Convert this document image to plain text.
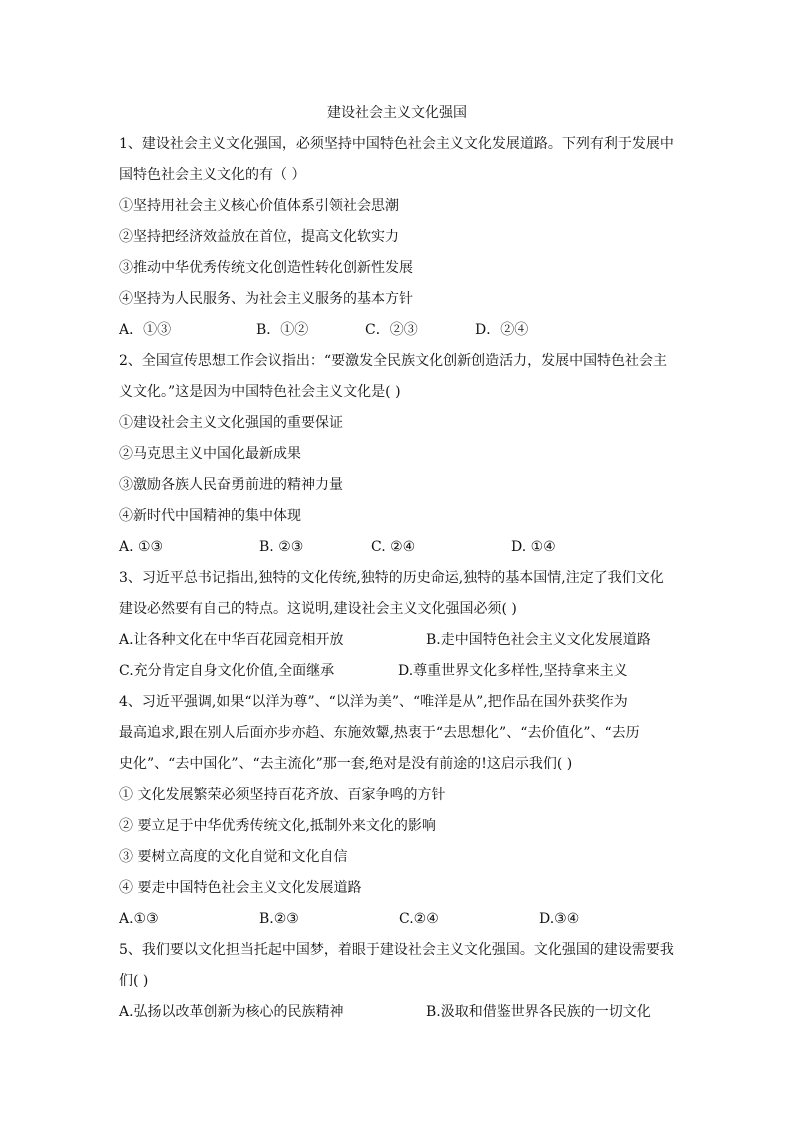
建设社会主义文化强国
1、建设社会主义文化强国，必须坚持中国特色社会主义文化发展道路。下列有利于发展中
国特色社会主义文化的有（ ）
①坚持用社会主义核心价值体系引领社会思潮
②坚持把经济效益放在首位，提高文化软实力
③推动中华优秀传统文化创造性转化创新性发展
④坚持为人民服务、为社会主义服务的基本方针
A．①③	B．①②	C．②③	D．②④
2、全国宣传思想工作会议指出：“要激发全民族文化创新创造活力，发展中国特色社会主
义文化。”这是因为中国特色社会主义文化是( )
①建设社会主义文化强国的重要保证
②马克思主义中国化最新成果
③激励各族人民奋勇前进的精神力量
④新时代中国精神的集中体现
A. ①③	B. ②③	C. ②④	D. ①④
3、习近平总书记指出,独特的文化传统,独特的历史命运,独特的基本国情,注定了我们文化
建设必然要有自己的特点。这说明,建设社会主义文化强国必须( )
A.让各种文化在中华百花园竞相开放	B.走中国特色社会主义文化发展道路
C.充分肯定自身文化价值,全面继承	D.尊重世界文化多样性,坚持拿来主义
4、习近平强调,如果“以洋为尊”、“以洋为美”、“唯洋是从”,把作品在国外获奖作为
最高追求,跟在别人后面亦步亦趋、东施效颦,热衷于“去思想化”、“去价值化”、“去历
史化”、“去中国化”、“去主流化”那一套,绝对是没有前途的!这启示我们( )
① 文化发展繁荣必须坚持百花齐放、百家争鸣的方针
② 要立足于中华优秀传统文化,抵制外来文化的影响
③ 要树立高度的文化自觉和文化自信
④ 要走中国特色社会主义文化发展道路
A.①③	B.②③	C.②④	D.③④
5、我们要以文化担当托起中国梦，着眼于建设社会主义文化强国。文化强国的建设需要我
们( )
A.弘扬以改革创新为核心的民族精神	B.汲取和借鉴世界各民族的一切文化
